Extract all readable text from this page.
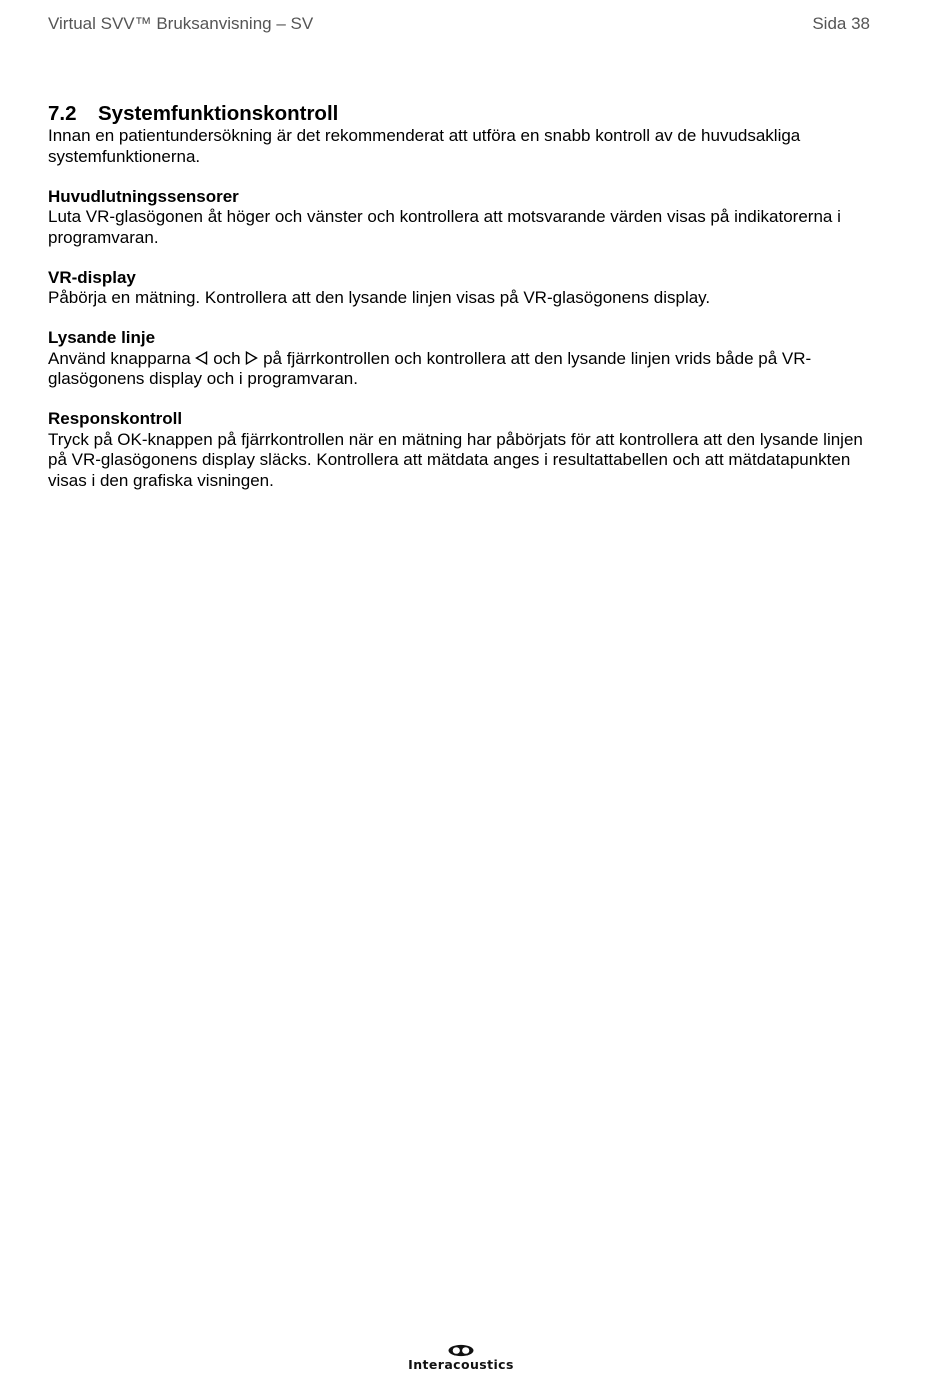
Virtual SVV™ Bruksanvisning – SV	Sida 38
7.2 Systemfunktionskontroll

Innan en patientundersökning är det rekommenderat att utföra en snabb kontroll av de huvudsakliga systemfunktionerna.

Huvudlutningssensorer

Luta VR-glasögonen åt höger och vänster och kontrollera att motsvarande värden visas på indikatorerna i programvaran.

VR-display

Påbörja en mätning. Kontrollera att den lysande linjen visas på VR-glasögonens display.

Lysande linje

Använd knapparna och på fjärrkontrollen och kontrollera att den lysande linjen vrids både på VR-glasögonens display och i programvaran.

Responskontroll

Tryck på OK-knappen på fjärrkontrollen när en mätning har påbörjats för att kontrollera att den lysande linjen på VR-glasögonens display släcks. Kontrollera att mätdata anges i resultattabellen och att mätdatapunkten visas i den grafiska visningen.

Interacoustics
